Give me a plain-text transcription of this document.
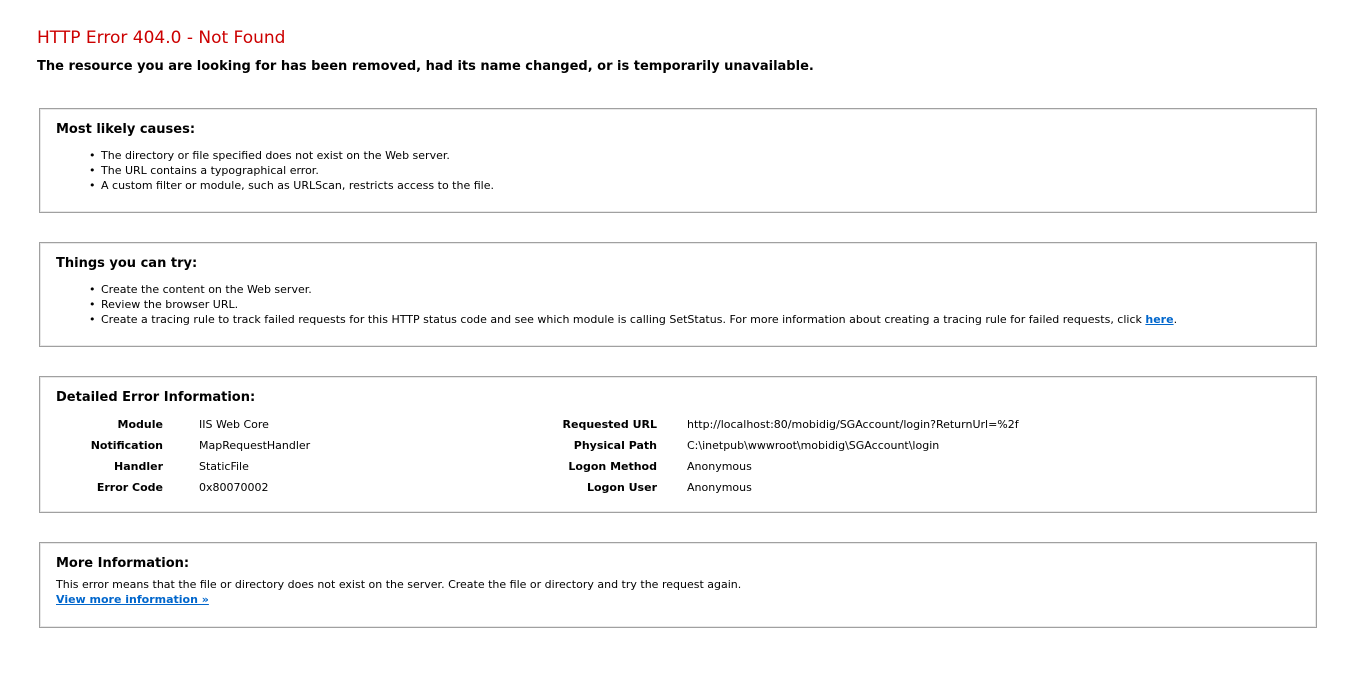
HTTP Error 404.0 - Not Found
The resource you are looking for has been removed, had its name changed, or is temporarily unavailable.
Most likely causes:
• The directory or file specified does not exist on the Web server.
• The URL contains a typographical error.
• A custom filter or module, such as URLScan, restricts access to the file.
Things you can try:
• Create the content on the Web server.
• Review the browser URL.
• Create a tracing rule to track failed requests for this HTTP status code and see which module is calling SetStatus. For more information about creating a tracing rule for failed requests, click here.
Detailed Error Information:
Module	IIS Web Core	Requested URL	http://localhost:80/mobidig/SGAccount/login?ReturnUrl=%2f
Notification	MapRequestHandler	Physical Path	C:\inetpub\wwwroot\mobidig\SGAccount\login
Handler	StaticFile	Logon Method	Anonymous
Error Code	0x80070002	Logon User	Anonymous
More Information:
This error means that the file or directory does not exist on the server. Create the file or directory and try the request again.
View more information »
